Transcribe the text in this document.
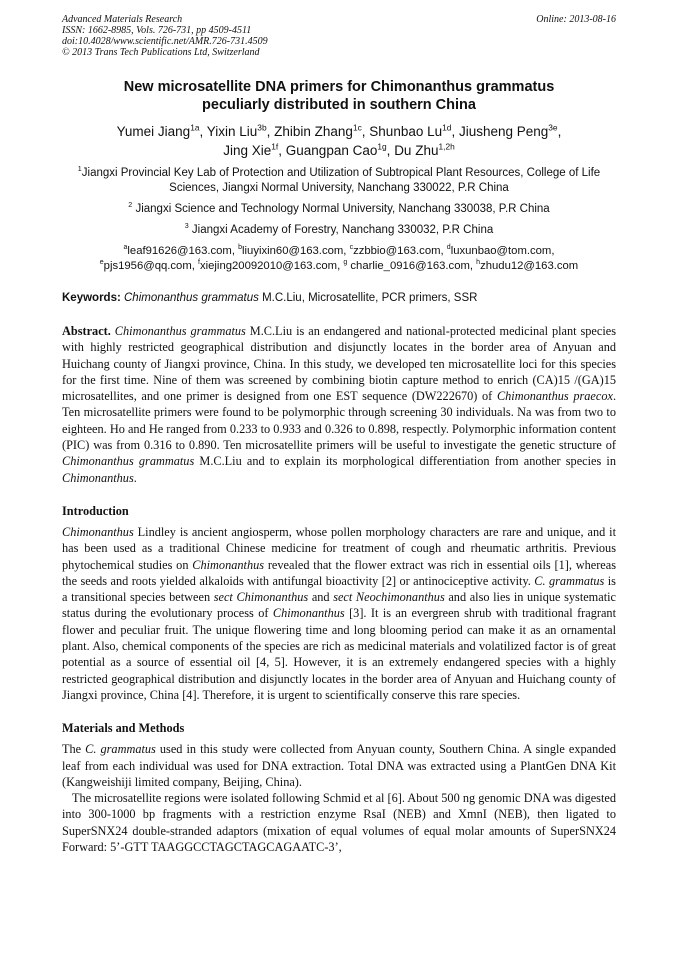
Advanced Materials Research
ISSN: 1662-8985, Vols. 726-731, pp 4509-4511
doi:10.4028/www.scientific.net/AMR.726-731.4509
© 2013 Trans Tech Publications Ltd, Switzerland
Online: 2013-08-16
New microsatellite DNA primers for Chimonanthus grammatus
peculiarly distributed in southern China
Yumei Jiang$^{1a}$, Yixin Liu$^{3b}$, Zhibin Zhang$^{1c}$, Shunbao $Lu^{1d}$, Jiusheng Peng$^{3e}$,
Jing Xie$^{1f}$, Guangpan Cao$^{1g}$, Du Zhu$^{1,2h}$
$^1$Jiangxi Provincial Key Lab of Protection and Utilization of Subtropical Plant Resources, College of Life Sciences, Jiangxi Normal University, Nanchang 330022, P.R China
$^2$ Jiangxi Science and Technology Normal University, Nanchang 330038, P.R China
$^3$ Jiangxi Academy of Forestry, Nanchang 330032, P.R China
$^a$leaf91626@163.com, $^b$liuyixin60@163.com, $^c$zzbbio@163.com, $^d$luxunbao@tom.com,
$^e$pjs1956@qq.com, $^f$xiejing20092010@163.com, $^g$ charlie_0916@163.com, $^h$zhudu12@163.com
Keywords: Chimonanthus grammatus M.C.Liu, Microsatellite, PCR primers, SSR

Abstract. Chimonanthus grammatus M.C.Liu is an endangered and national-protected medicinal plant species with highly restricted geographical distribution and disjunctly locates in the border area of Anyuan and Huichang county of Jiangxi province, China. In this study, we developed ten microsatellite loci for this species for the first time. Nine of them was screened by combining biotin capture method to enrich (CA)15 /(GA)15 microsatellites, and one primer is designed from one EST sequence (DW222670) of Chimonanthus praecox. Ten microsatellite primers were found to be polymorphic through screening 30 individuals. Na was from two to eighteen. Ho and He ranged from 0.233 to 0.933 and 0.326 to 0.898, respectly. Polymorphic information content (PIC) was from 0.316 to 0.890. Ten microsatellite primers will be useful to investigate the genetic structure of Chimonanthus grammatus M.C.Liu and to explain its morphological differentiation from another species in Chimonanthus.

Introduction

Chimonanthus Lindley is ancient angiosperm, whose pollen morphology characters are rare and unique, and it has been used as a traditional Chinese medicine for treatment of cough and rheumatic arthritis. Previous phytochemical studies on Chimonanthus revealed that the flower extract was rich in essential oils [1], whereas the seeds and roots yielded alkaloids with antifungal bioactivity [2] or antinociceptive activity. C. grammatus is a transitional species between sect Chimonanthus and sect Neochimonanthus and also lies in unique systematic status during the evolutionary process of Chimonanthus [3]. It is an evergreen shrub with traditional fragrant flower and peculiar fruit. The unique flowering time and long blooming period can make it as an ornamental plant. Also, chemical components of the species are rich as medicinal materials and volatilized factor is of great potential as a source of essential oil [4, 5]. However, it is an extremely endangered species with a highly restricted geographical distribution and disjunctly locates in the border area of Anyuan and Huichang county of Jiangxi province, China [4]. Therefore, it is urgent to scientifically conserve this rare species.

Materials and Methods

The C. grammatus used in this study were collected from Anyuan county, Southern China. A single expanded leaf from each individual was used for DNA extraction. Total DNA was extracted using a PlantGen DNA Kit (Kangweishiji limited company, Beijing, China).

The microsatellite regions were isolated following Schmid et al [6]. About 500 ng genomic DNA was digested into 300-1000 bp fragments with a restriction enzyme RsaI (NEB) and XmnI (NEB), then ligated to SuperSNX24 double-stranded adaptors (mixation of equal volumes of equal molar amounts of SuperSNX24 Forward: 5’-GTT TAAGGCCTAGCTAGCAGAATC-3’,
